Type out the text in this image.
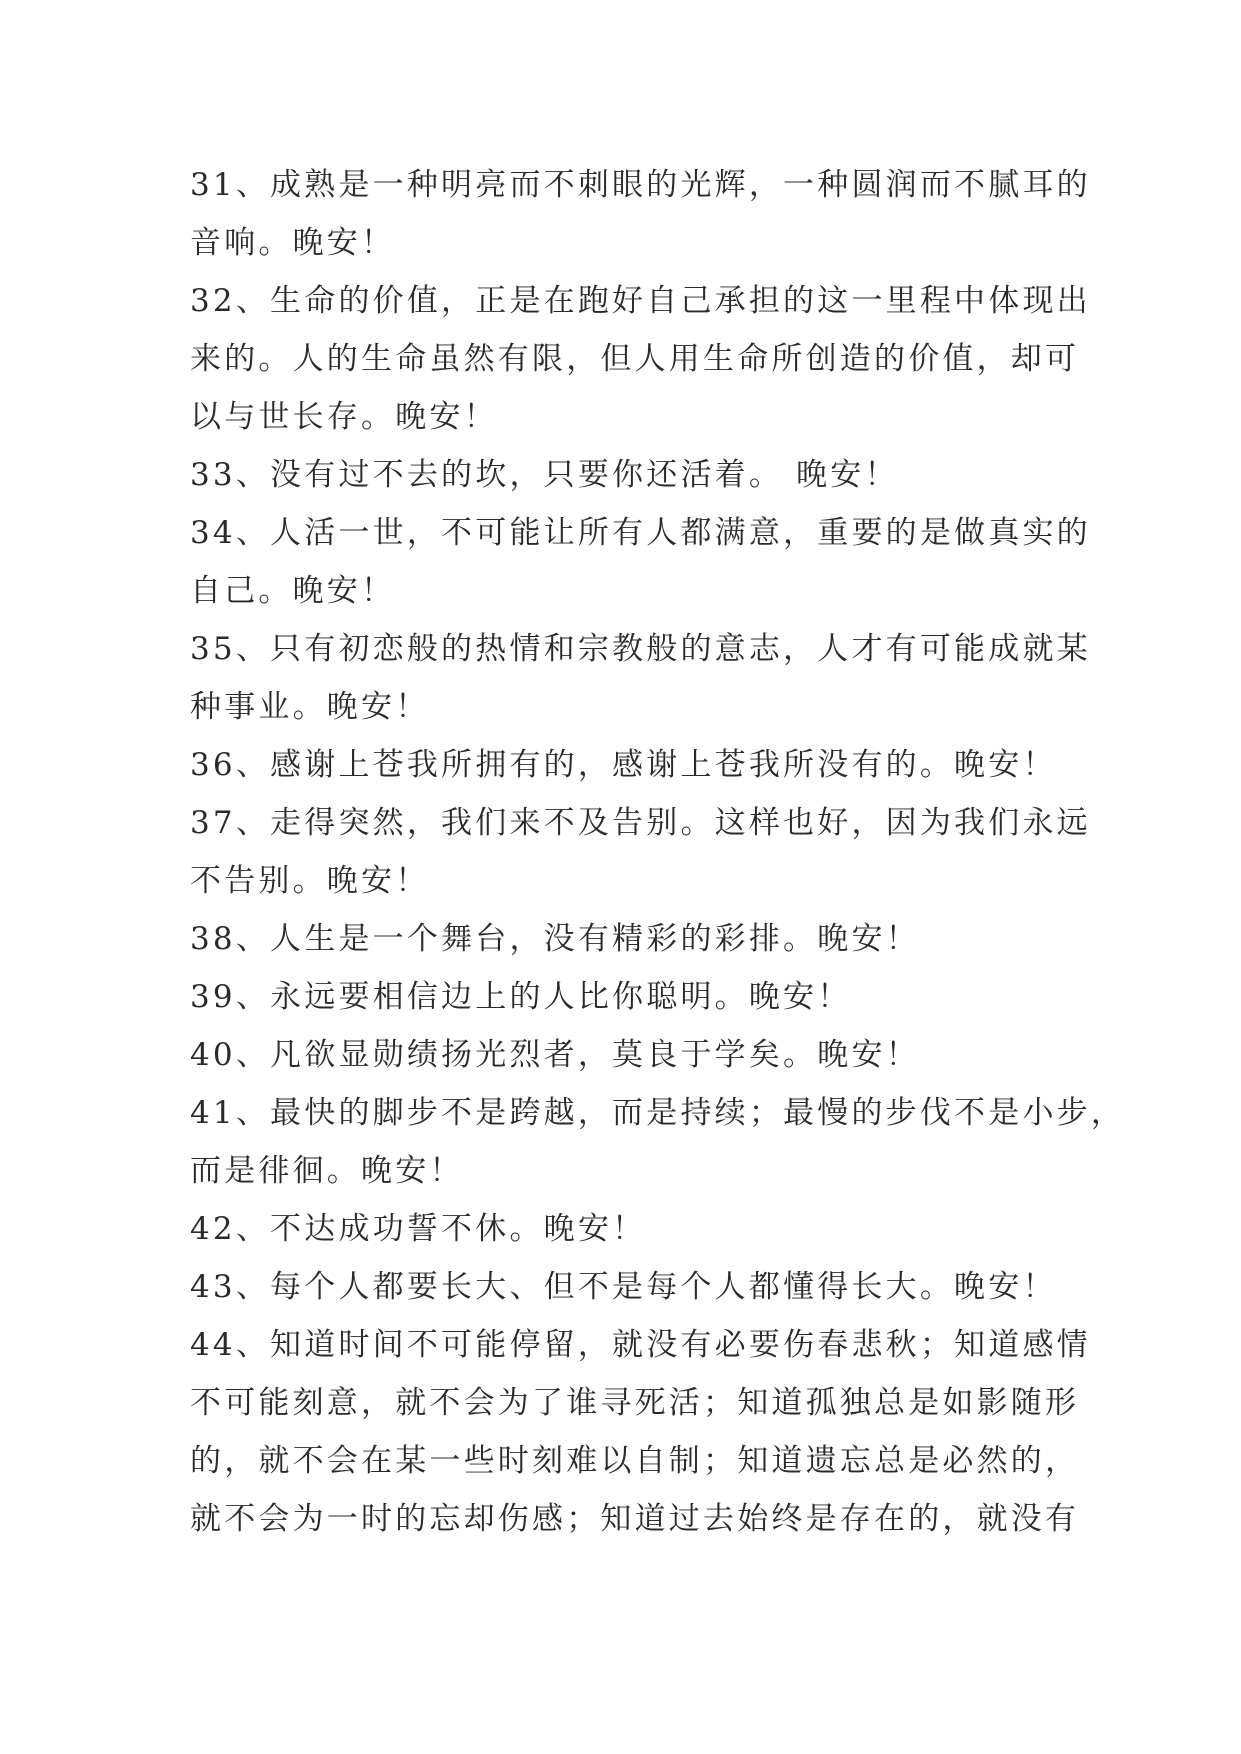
31、成熟是一种明亮而不刺眼的光辉，一种圆润而不腻耳的
音响。晚安！
32、生命的价值，正是在跑好自己承担的这一里程中体现出
来的。人的生命虽然有限，但人用生命所创造的价值，却可
以与世长存。晚安！
33、没有过不去的坎，只要你还活着。 晚安！
34、人活一世，不可能让所有人都满意，重要的是做真实的
自己。晚安！
35、只有初恋般的热情和宗教般的意志，人才有可能成就某
种事业。晚安！
36、感谢上苍我所拥有的，感谢上苍我所没有的。晚安！
37、走得突然，我们来不及告别。这样也好，因为我们永远
不告别。晚安！
38、人生是一个舞台，没有精彩的彩排。晚安！
39、永远要相信边上的人比你聪明。晚安！
40、凡欲显勋绩扬光烈者，莫良于学矣。晚安！
41、最快的脚步不是跨越，而是持续；最慢的步伐不是小步，
而是徘徊。晚安！
42、不达成功誓不休。晚安！
43、每个人都要长大、但不是每个人都懂得长大。晚安！
44、知道时间不可能停留，就没有必要伤春悲秋；知道感情
不可能刻意，就不会为了谁寻死活；知道孤独总是如影随形
的，就不会在某一些时刻难以自制；知道遗忘总是必然的，
就不会为一时的忘却伤感；知道过去始终是存在的，就没有
